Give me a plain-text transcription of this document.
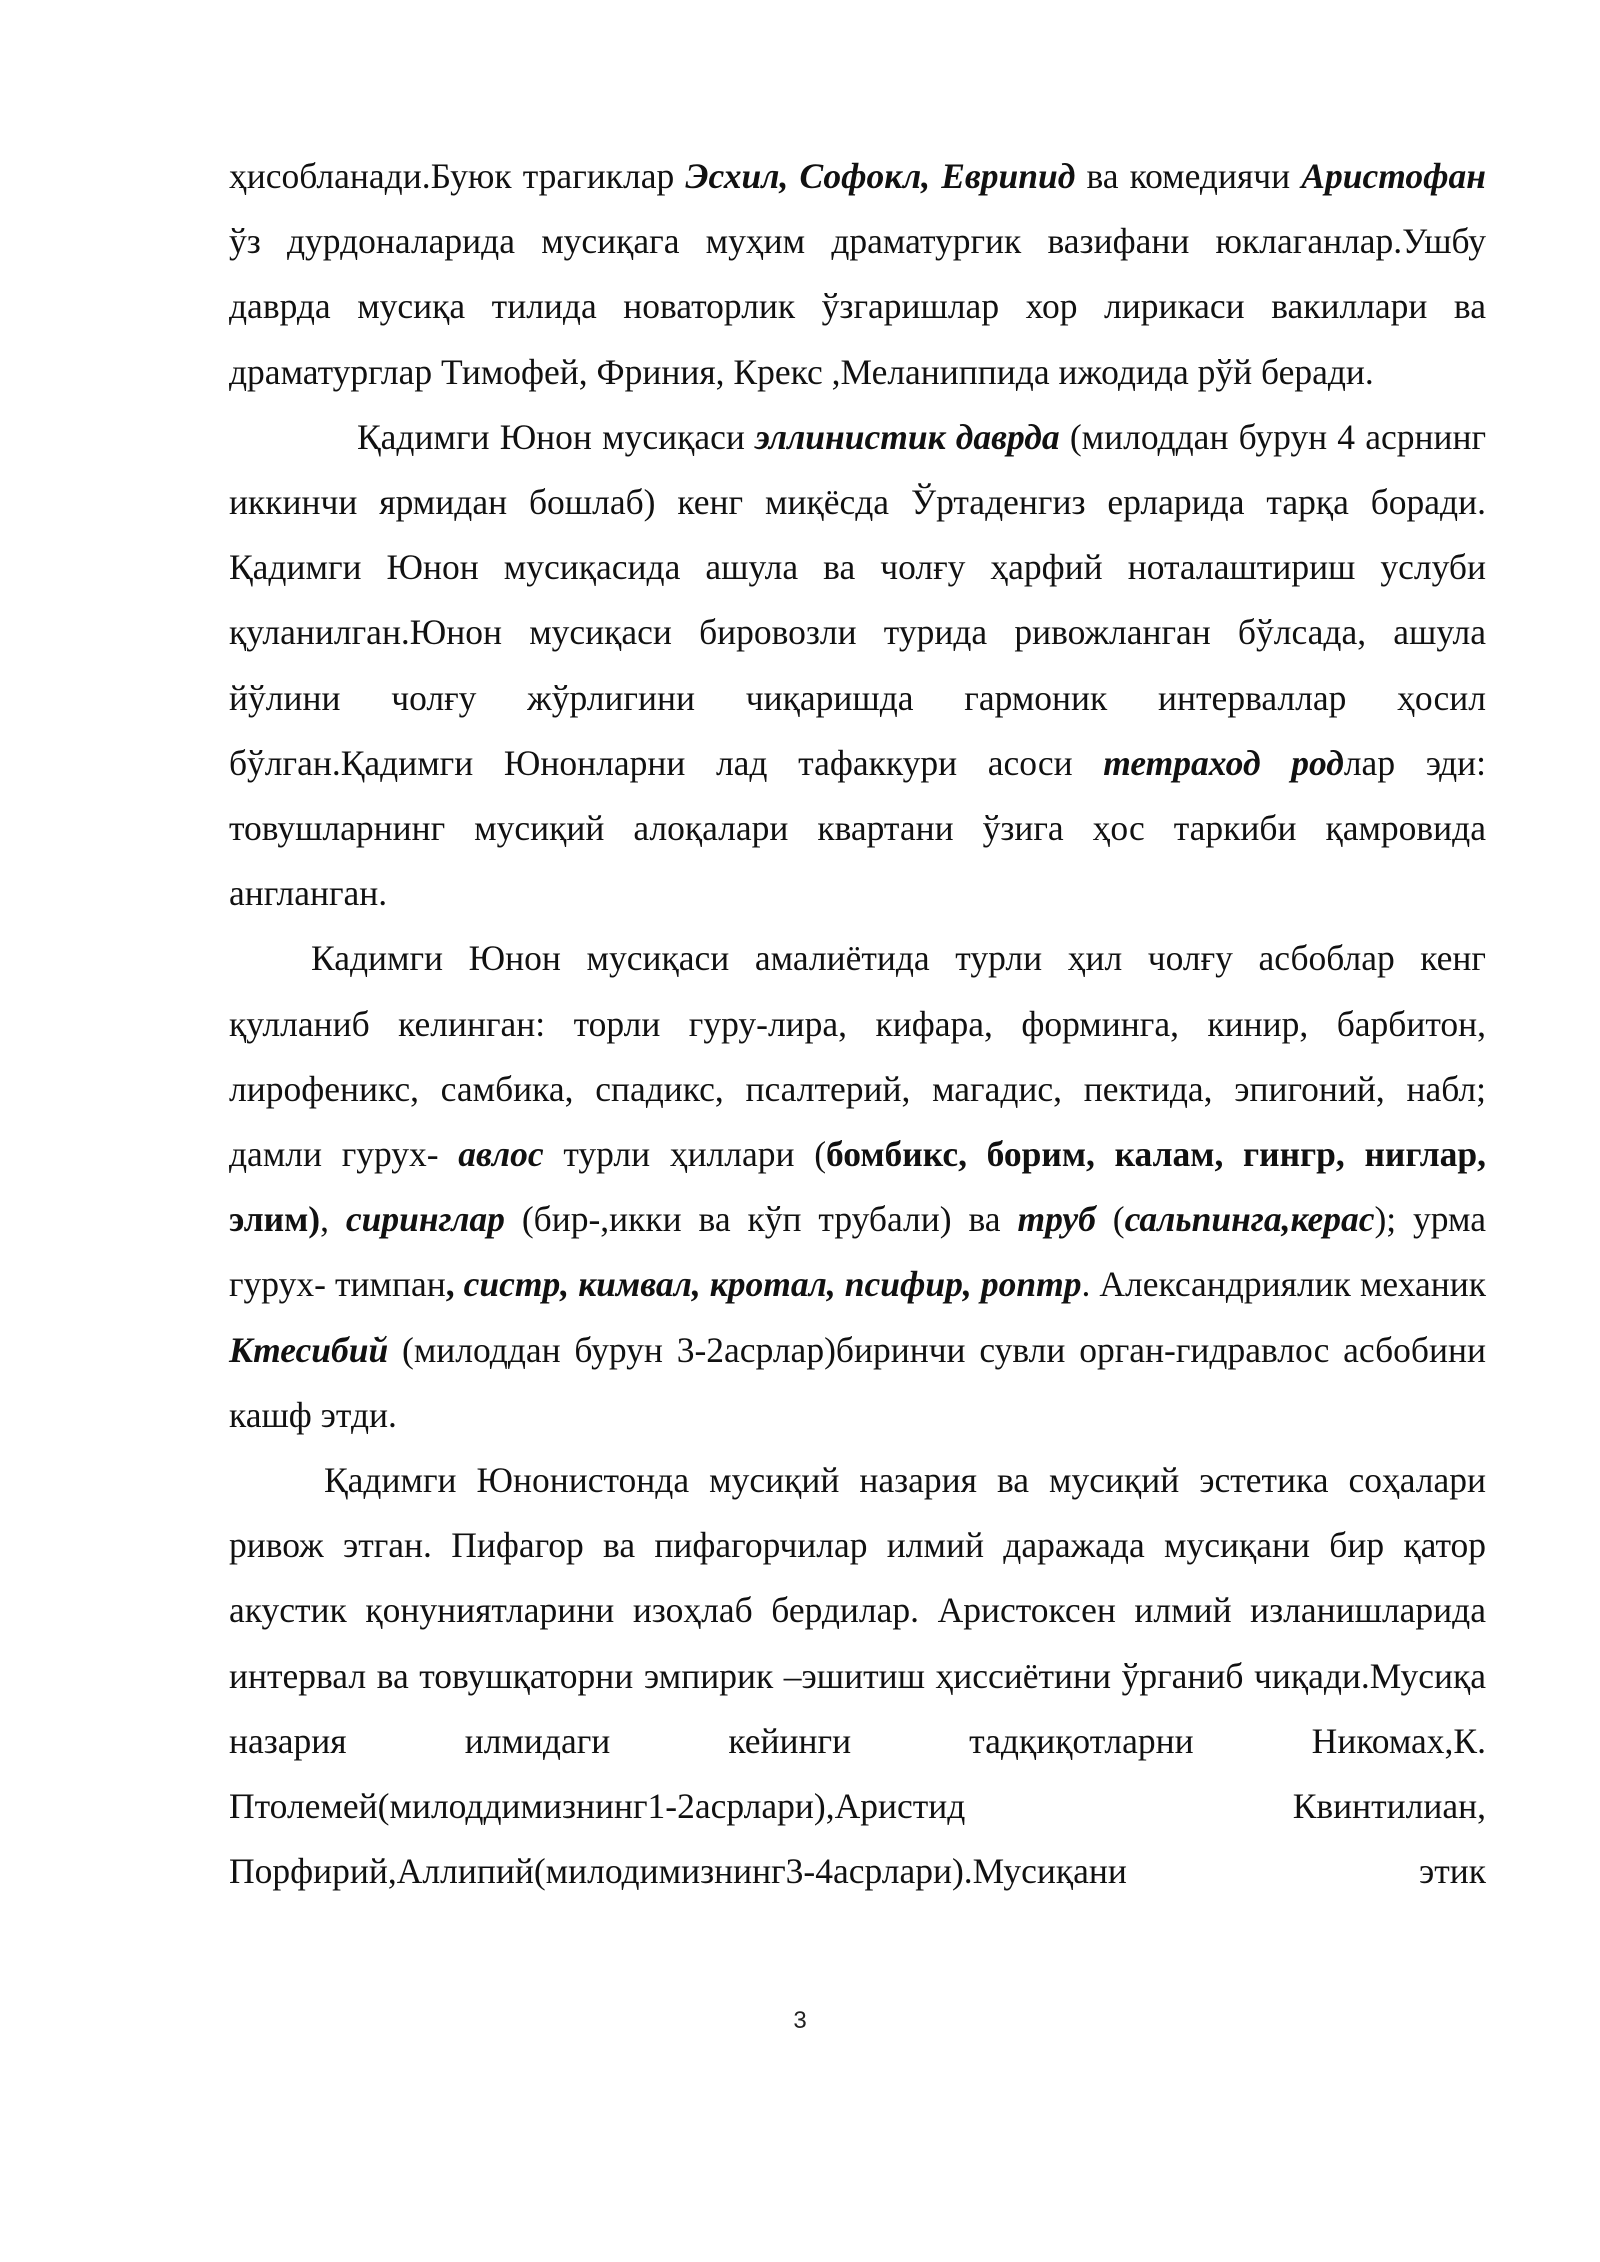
ҳисобланади.Буюк трагиклар Эсхил, Софокл, Еврипид ва комедиячи Аристофан ўз дурдоналарида мусиқага муҳим драматургик вазифани юклаганлар.Ушбу даврда мусиқа тилида новаторлик ўзгаришлар хор лирикаси вакиллари ва драматурглар Тимофей, Фриния, Крекс ,Меланиппида ижодида рўй беради.

Қадимги Юнон мусиқаси эллинистик даврда (милоддан бурун 4 асрнинг иккинчи ярмидан бошлаб) кенг миқёсда Ўртаденгиз ерларида тарқа боради. Қадимги Юнон мусиқасида ашула ва чолғу ҳарфий ноталаштириш услуби қуланилган.Юнон мусиқаси бировозли турида ривожланган бўлсада, ашула йўлини чолғу жўрлигини чиқаришда гармоник интерваллар ҳосил бўлган.Қадимги Юнонларни лад тафаккури асоси тетраход родлар эди: товушларнинг мусиқий алоқалари квартани ўзига ҳос таркиби қамровида англанган.

Кадимги Юнон мусиқаси амалиётида турли ҳил чолғу асбоблар кенг қулланиб келинган: торли гуру-лира, кифара, форминга, кинир, барбитон, лирофеникс, самбика, спадикс, псалтерий, магадис, пектида, эпигоний, набл; дамли гурух- авлос турли ҳиллари (бомбикс, борим, калам, гингр, ниглар, элим), сиринглар (бир-,икки ва кўп трубали) ва труб (сальпинга,керас); урма гурух- тимпан, систр, кимвал, кротал, псифир, роптр. Александриялик механик Ктесибий (милоддан бурун 3-2асрлар)биринчи сувли орган-гидравлос асбобини кашф этди.

Қадимги Юнонистонда мусиқий назария ва мусиқий эстетика соҳалари ривож этган. Пифагор ва пифагорчилар илмий даражада мусиқани бир қатор акустик қонуниятларини изоҳлаб бердилар. Аристоксен илмий изланишларида интервал ва товушқаторни эмпирик –эшитиш ҳиссиётини ўрганиб чиқади.Мусиқа назария илмидаги кейинги тадқиқотларни Никомах,К. Птолемей(милоддимизнинг1-2асрлари),Аристид Квинтилиан, Порфирий,Аллипий(милодимизнинг3-4асрлари).Мусиқани этик

3
